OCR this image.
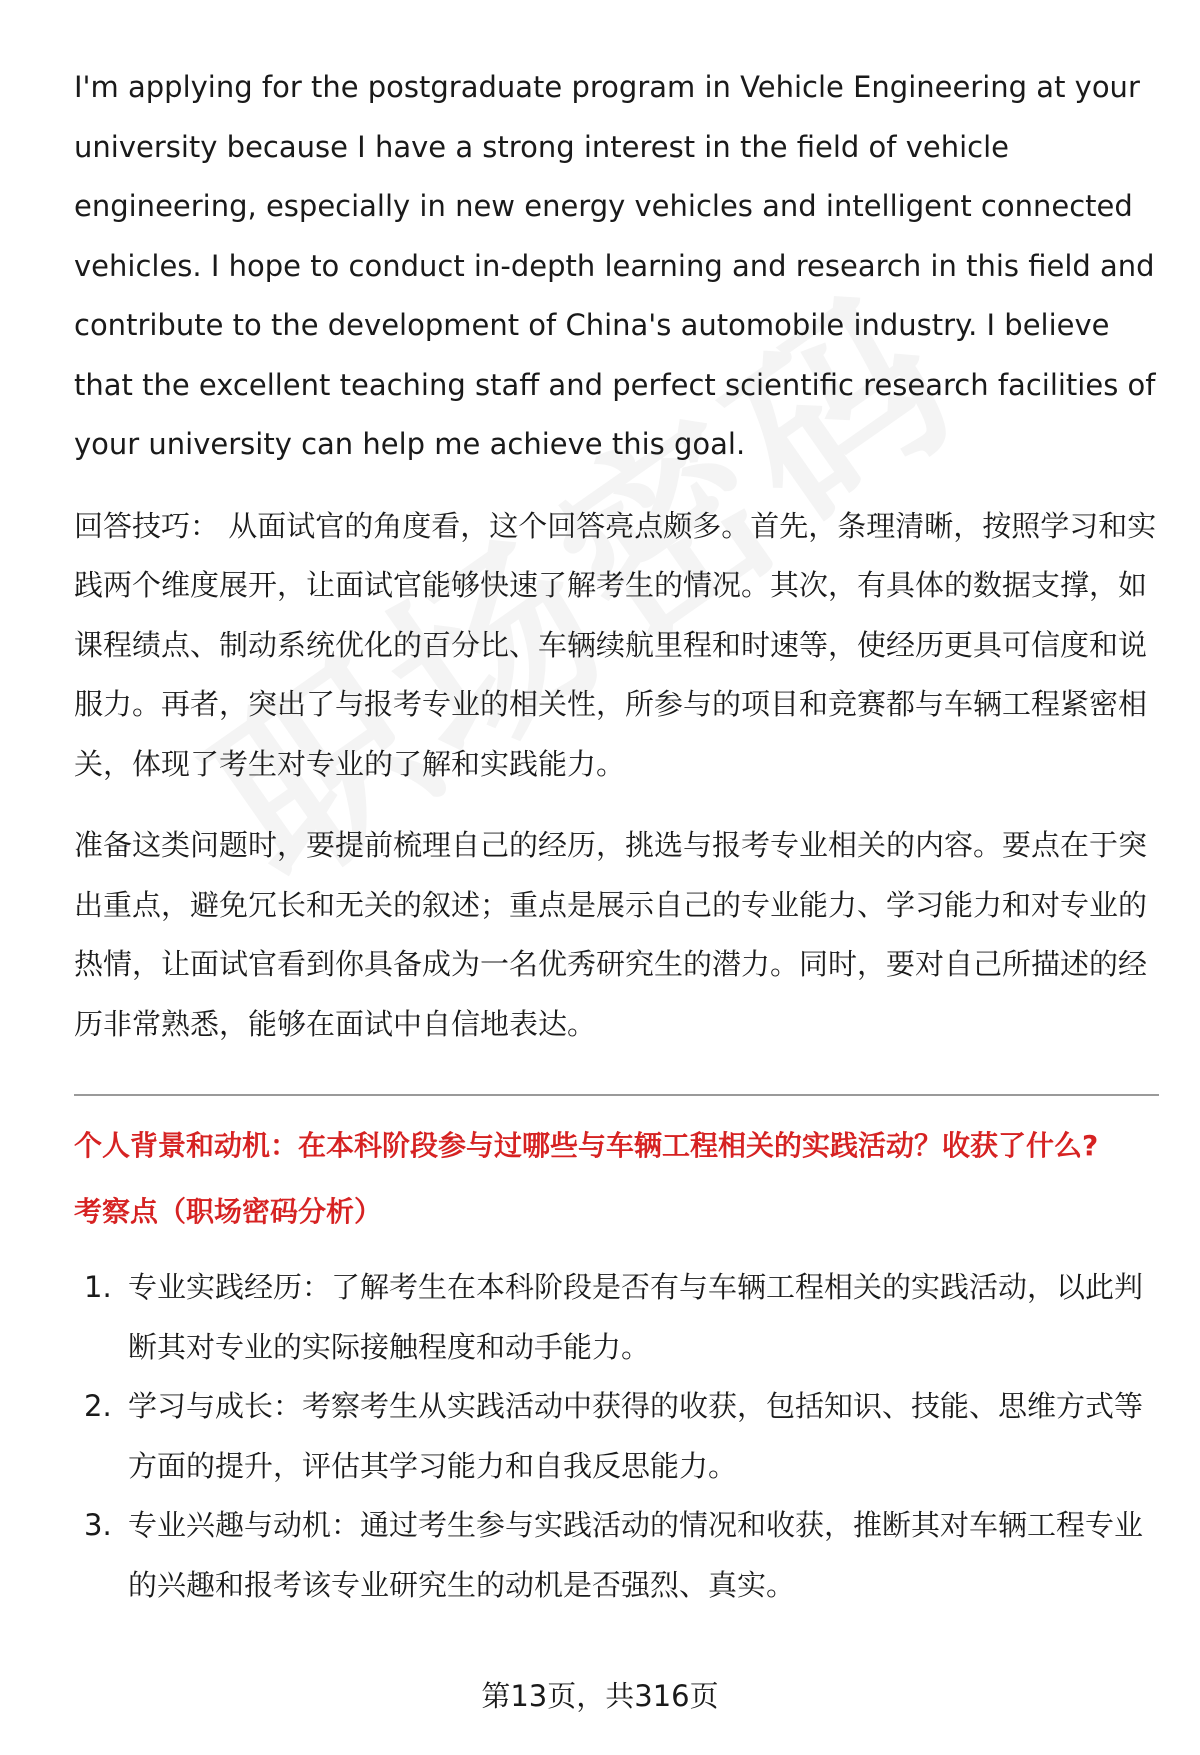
I'm applying for the postgraduate program in Vehicle Engineering at your university because I have a strong interest in the field of vehicle engineering, especially in new energy vehicles and intelligent connected vehicles. I hope to conduct in-depth learning and research in this field and contribute to the development of China's automobile industry. I believe that the excellent teaching staff and perfect scientific research facilities of your university can help me achieve this goal.

回答技巧： 从面试官的角度看，这个回答亮点颇多。首先，条理清晰，按照学习和实践两个维度展开，让面试官能够快速了解考生的情况。其次，有具体的数据支撑，如课程绩点、制动系统优化的百分比、车辆续航里程和时速等，使经历更具可信度和说服力。再者，突出了与报考专业的相关性，所参与的项目和竞赛都与车辆工程紧密相关，体现了考生对专业的了解和实践能力。

准备这类问题时，要提前梳理自己的经历，挑选与报考专业相关的内容。要点在于突出重点，避免冗长和无关的叙述；重点是展示自己的专业能力、学习能力和对专业的热情，让面试官看到你具备成为一名优秀研究生的潜力。同时，要对自己所描述的经历非常熟悉，能够在面试中自信地表达。

个人背景和动机：在本科阶段参与过哪些与车辆工程相关的实践活动？收获了什么?

考察点（职场密码分析）

1. 专业实践经历：了解考生在本科阶段是否有与车辆工程相关的实践活动，以此判断其对专业的实际接触程度和动手能力。
2. 学习与成长：考察考生从实践活动中获得的收获，包括知识、技能、思维方式等方面的提升，评估其学习能力和自我反思能力。
3. 专业兴趣与动机：通过考生参与实践活动的情况和收获，推断其对车辆工程专业的兴趣和报考该专业研究生的动机是否强烈、真实。
第13页，共316页
